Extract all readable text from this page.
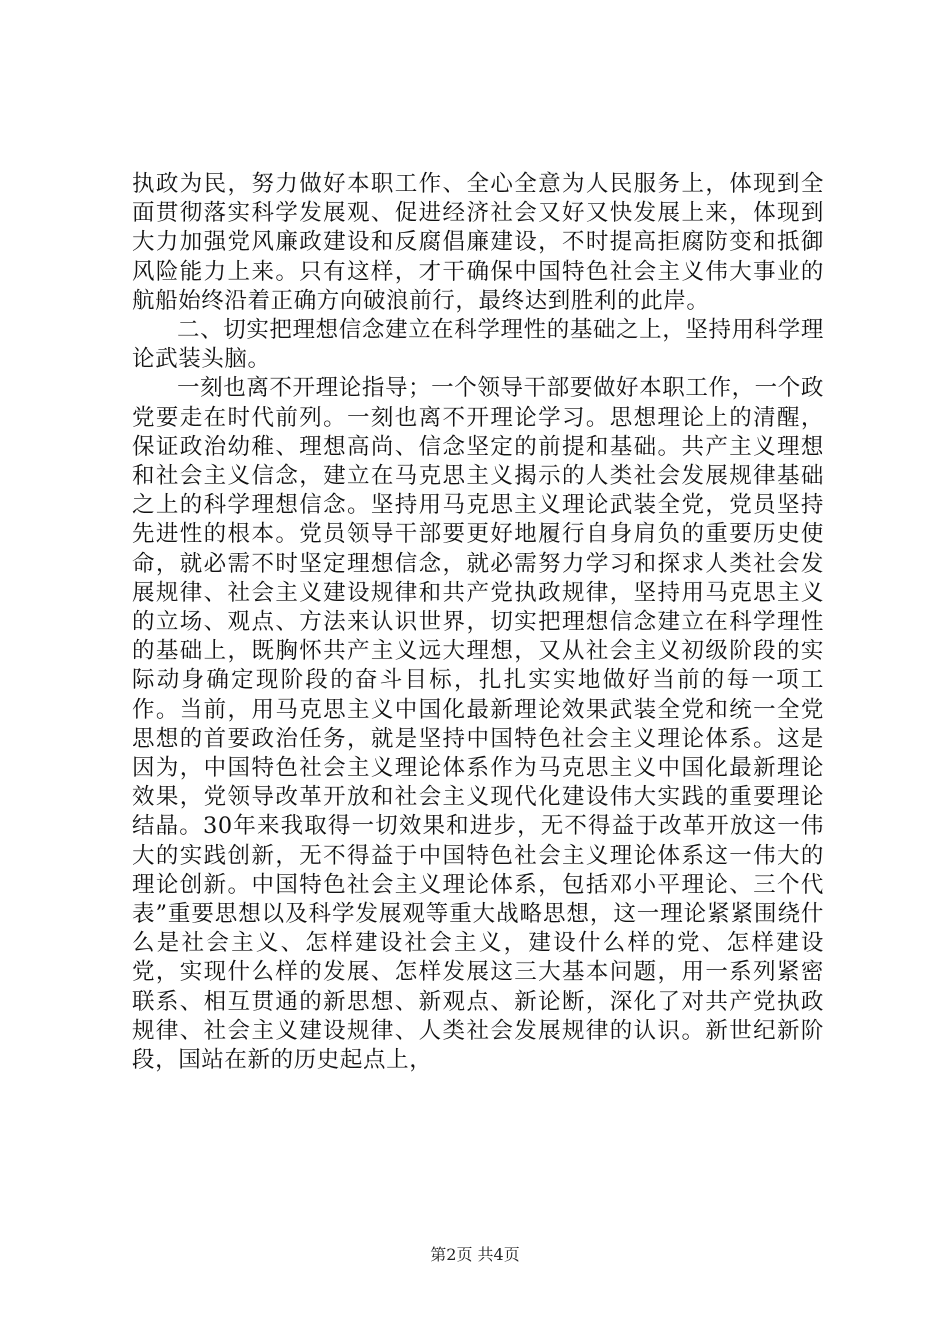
执政为民，努力做好本职工作、全心全意为人民服务上，体现到全面贯彻落实科学发展观、促进经济社会又好又快发展上来，体现到大力加强党风廉政建设和反腐倡廉建设，不时提高拒腐防变和抵御风险能力上来。只有这样，才干确保中国特色社会主义伟大事业的航船始终沿着正确方向破浪前行，最终达到胜利的此岸。

二、切实把理想信念建立在科学理性的基础之上，坚持用科学理论武装头脑。

一刻也离不开理论指导；一个领导干部要做好本职工作，一个政党要走在时代前列。一刻也离不开理论学习。思想理论上的清醒，保证政治幼稚、理想高尚、信念坚定的前提和基础。共产主义理想和社会主义信念，建立在马克思主义揭示的人类社会发展规律基础之上的科学理想信念。坚持用马克思主义理论武装全党，党员坚持先进性的根本。党员领导干部要更好地履行自身肩负的重要历史使命，就必需不时坚定理想信念，就必需努力学习和探求人类社会发展规律、社会主义建设规律和共产党执政规律，坚持用马克思主义的立场、观点、方法来认识世界，切实把理想信念建立在科学理性的基础上，既胸怀共产主义远大理想，又从社会主义初级阶段的实际动身确定现阶段的奋斗目标，扎扎实实地做好当前的每一项工作。当前，用马克思主义中国化最新理论效果武装全党和统一全党思想的首要政治任务，就是坚持中国特色社会主义理论体系。这是因为，中国特色社会主义理论体系作为马克思主义中国化最新理论效果，党领导改革开放和社会主义现代化建设伟大实践的重要理论结晶。30年来我取得一切效果和进步，无不得益于改革开放这一伟大的实践创新，无不得益于中国特色社会主义理论体系这一伟大的理论创新。中国特色社会主义理论体系，包括邓小平理论、三个代表”重要思想以及科学发展观等重大战略思想，这一理论紧紧围绕什么是社会主义、怎样建设社会主义，建设什么样的党、怎样建设党，实现什么样的发展、怎样发展这三大基本问题，用一系列紧密联系、相互贯通的新思想、新观点、新论断，深化了对共产党执政规律、社会主义建设规律、人类社会发展规律的认识。新世纪新阶段，国站在新的历史起点上，

第2页 共4页
